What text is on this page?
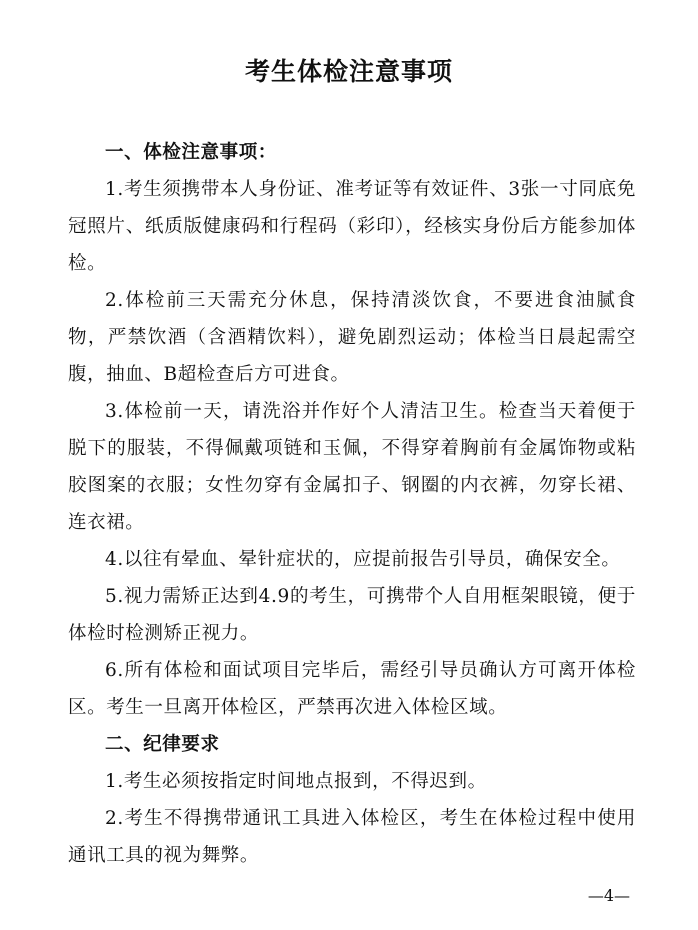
考生体检注意事项

一、体检注意事项：

1.考生须携带本人身份证、准考证等有效证件、3张一寸同底免冠照片、纸质版健康码和行程码（彩印），经核实身份后方能参加体检。

2.体检前三天需充分休息，保持清淡饮食，不要进食油腻食物，严禁饮酒（含酒精饮料），避免剧烈运动；体检当日晨起需空腹，抽血、B超检查后方可进食。

3.体检前一天，请洗浴并作好个人清洁卫生。检查当天着便于脱下的服装，不得佩戴项链和玉佩，不得穿着胸前有金属饰物或粘胶图案的衣服；女性勿穿有金属扣子、钢圈的内衣裤，勿穿长裙、连衣裙。

4.以往有晕血、晕针症状的，应提前报告引导员，确保安全。

5.视力需矫正达到4.9的考生，可携带个人自用框架眼镜，便于体检时检测矫正视力。

6.所有体检和面试项目完毕后，需经引导员确认方可离开体检区。考生一旦离开体检区，严禁再次进入体检区域。

二、纪律要求

1.考生必须按指定时间地点报到，不得迟到。

2.考生不得携带通讯工具进入体检区，考生在体检过程中使用通讯工具的视为舞弊。

—4—
